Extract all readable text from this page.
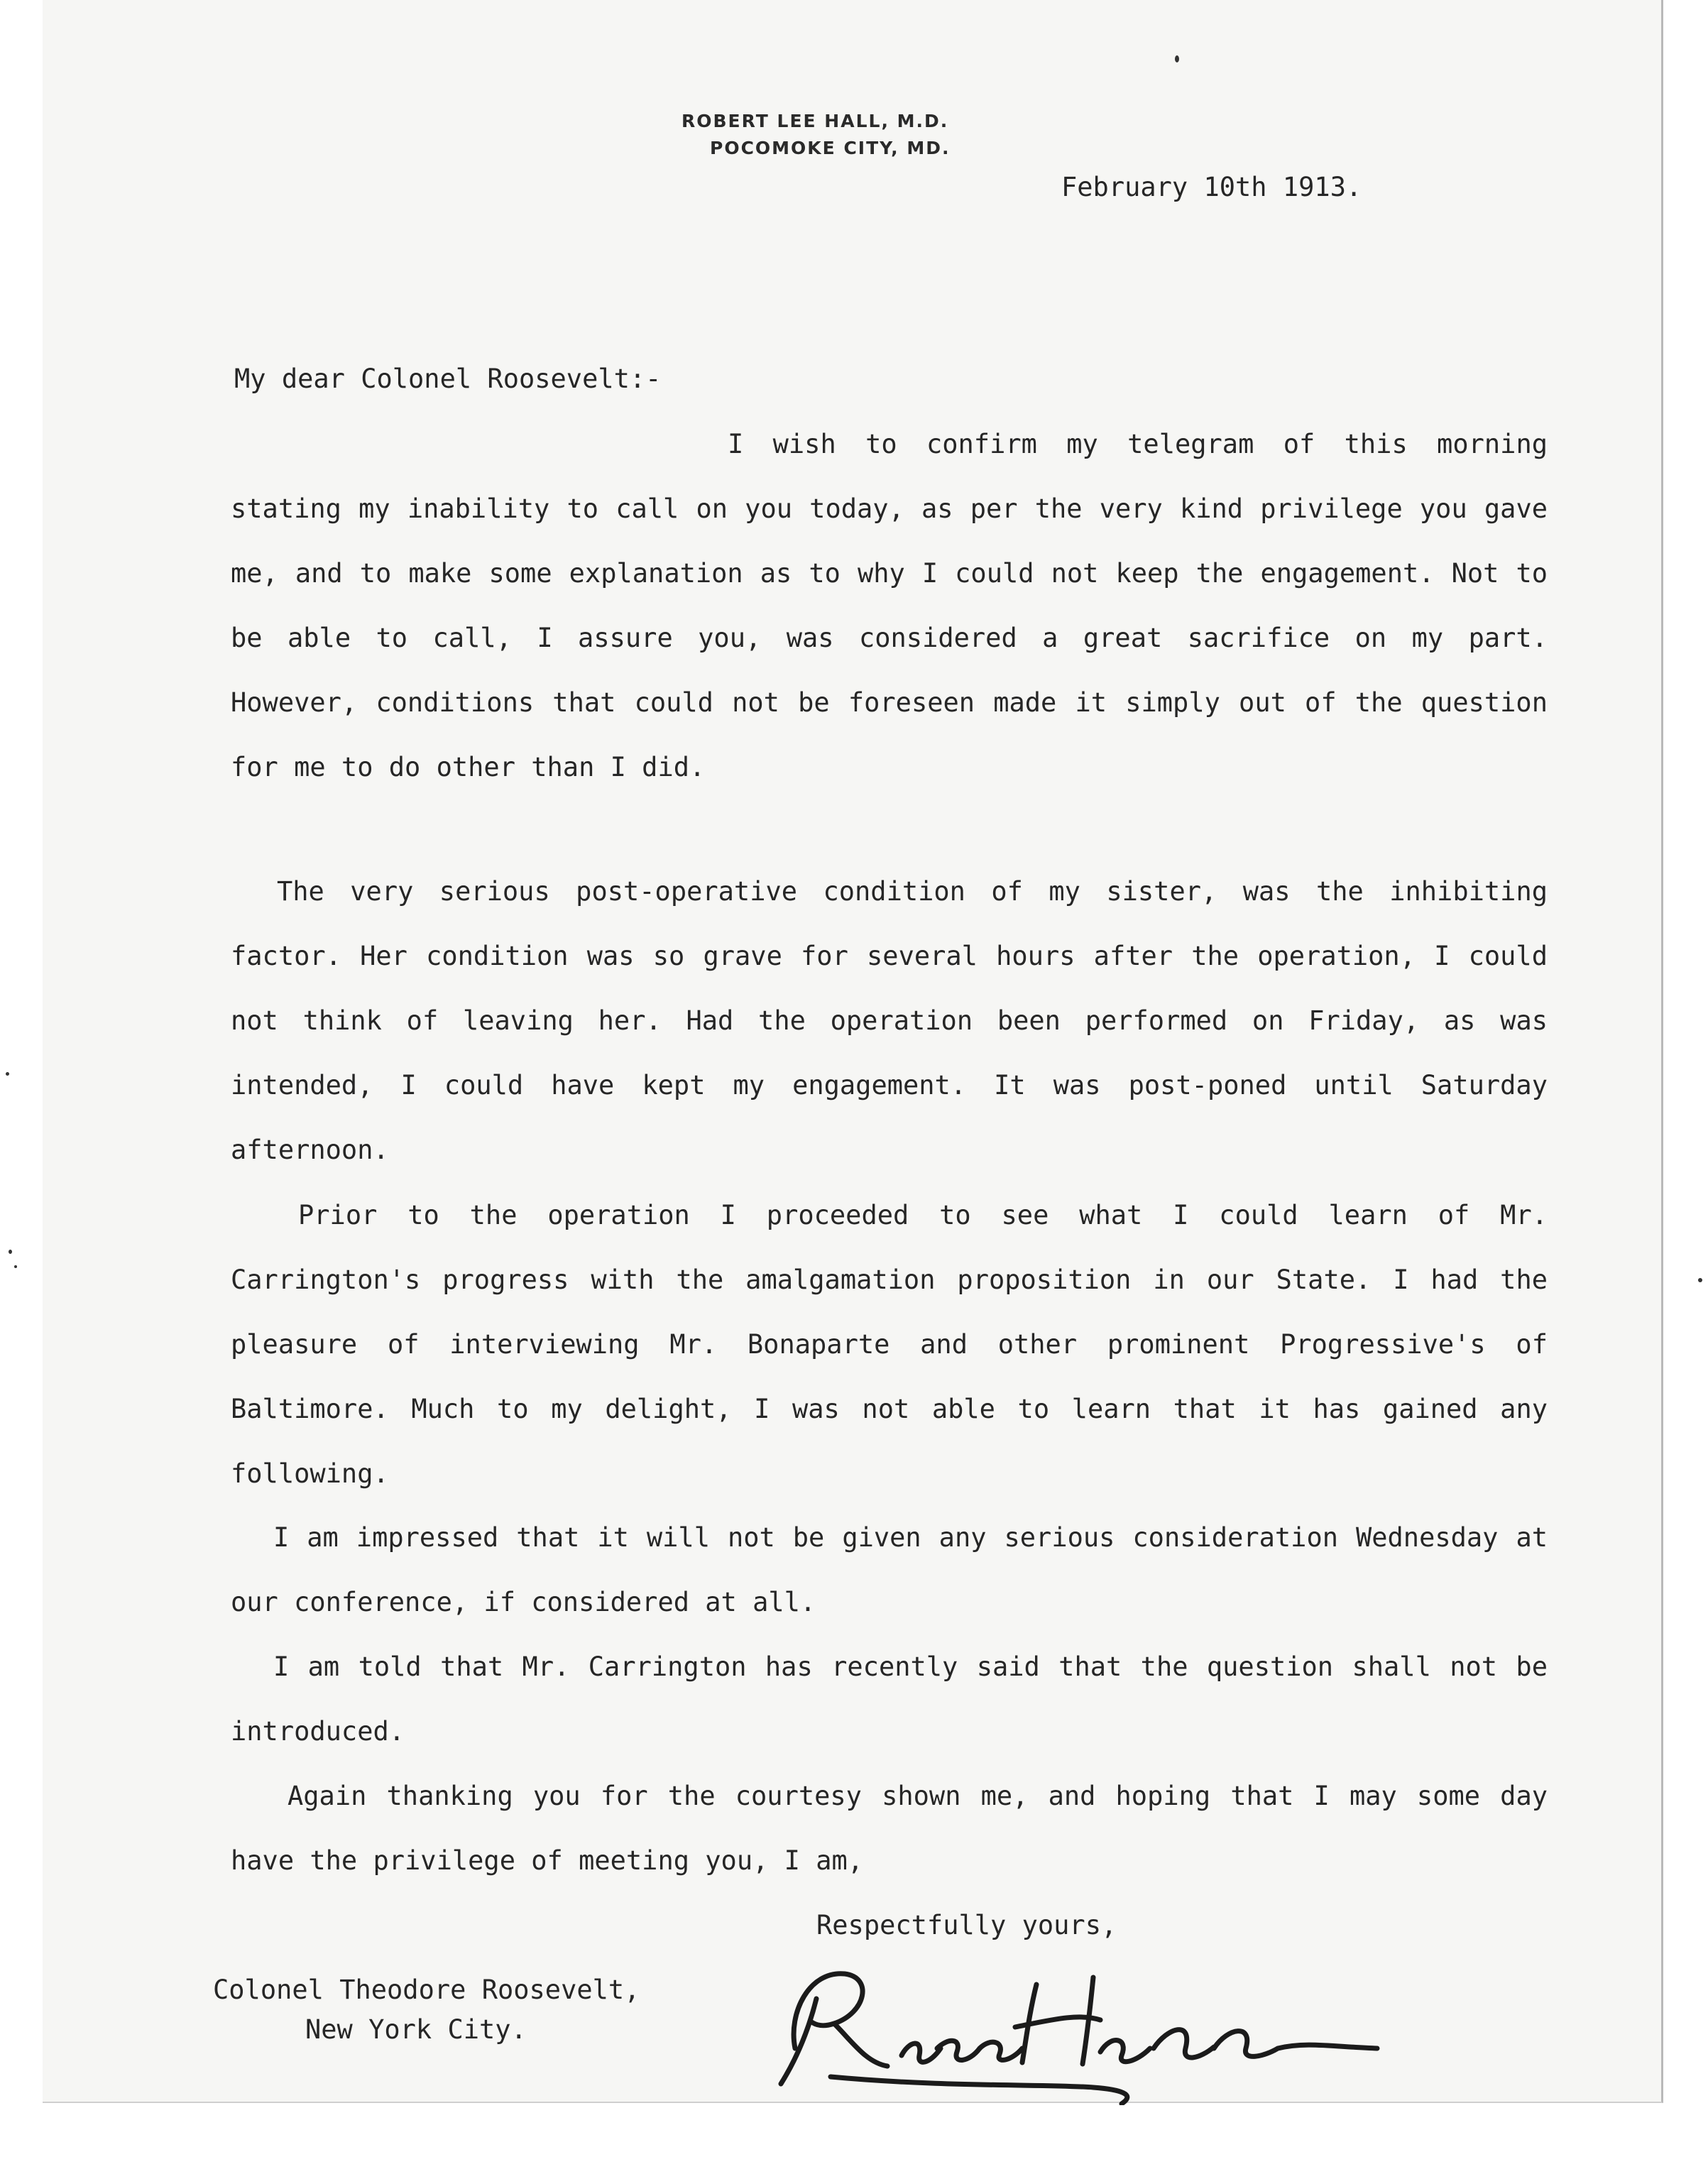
ROBERT LEE HALL, M.D.
POCOMOKE CITY, MD.
February 10th 1913.
My dear Colonel Roosevelt:-
I wish to confirm my telegram of this morning stating my inability to call on you today, as per the very kind privilege you gave me, and to make some explanation as to why I could not keep the engagement. Not to be able to call, I assure you, was considered a great sacrifice on my part. However, conditions that could not be foreseen made it simply out of the question for me to do other than I did.
The very serious post-operative condition of my sister, was the inhibiting factor. Her condition was so grave for several hours after the operation, I could not think of leaving her. Had the operation been performed on Friday, as was intended, I could have kept my engagement. It was post-poned until Saturday afternoon.
Prior to the operation I proceeded to see what I could learn of Mr. Carrington's progress with the amalgamation proposition in our State. I had the pleasure of interviewing Mr. Bonaparte and other prominent Progressive's of Baltimore. Much to my delight, I was not able to learn that it has gained any following.
I am impressed that it will not be given any serious consideration Wednesday at our conference, if considered at all.
I am told that Mr. Carrington has recently said that the question shall not be introduced.
Again thanking you for the courtesy shown me, and hoping that I may some day have the privilege of meeting you, I am,
Respectfully yours,
Colonel Theodore Roosevelt,
New York City.
